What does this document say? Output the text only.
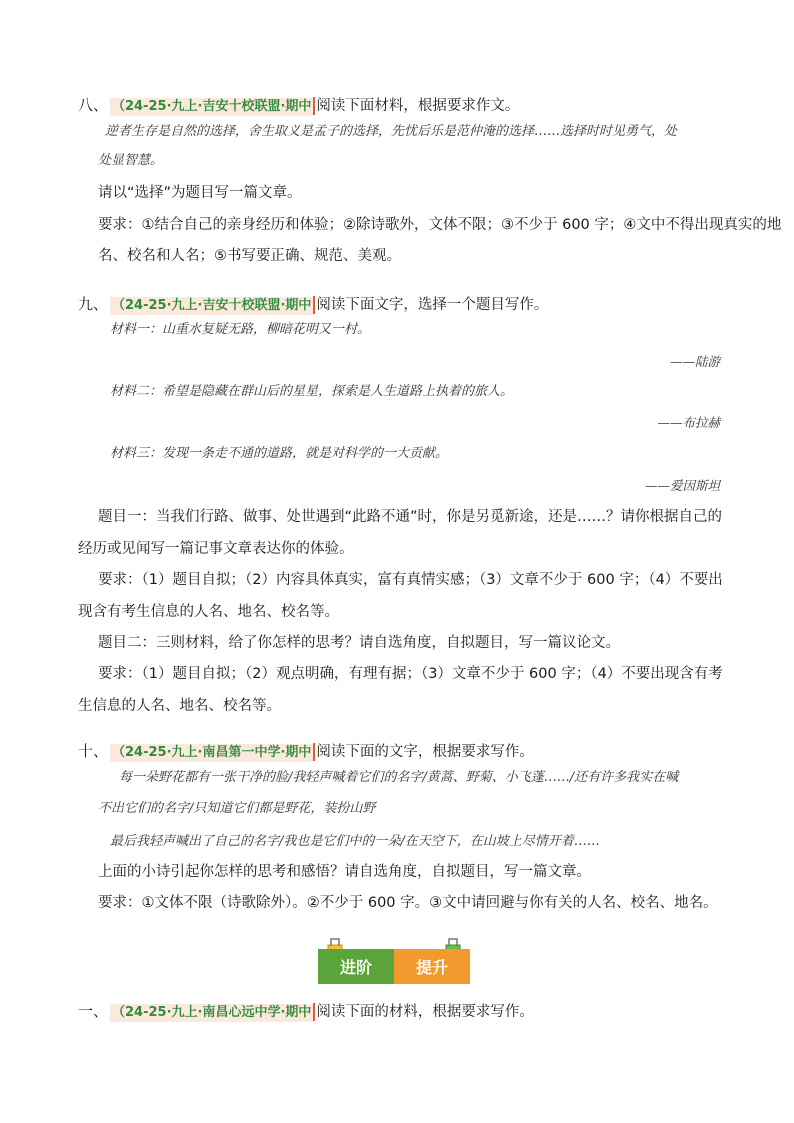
八、 （24-25·九上·吉安十校联盟·期中 阅读下面材料，根据要求作文。
逆者生存是自然的选择，舍生取义是孟子的选择，先忧后乐是范仲淹的选择……选择时时见勇气，处
处显智慧。
请以“选择”为题目写一篇文章。
要求：①结合自己的亲身经历和体验；②除诗歌外，文体不限；③不少于 600 字；④文中不得出现真实的地
名、校名和人名；⑤书写要正确、规范、美观。
九、 （24-25·九上·吉安十校联盟·期中 阅读下面文字，选择一个题目写作。
材料一：山重水复疑无路，柳暗花明又一村。
——陆游
材料二：希望是隐藏在群山后的星星，探索是人生道路上执着的旅人。
——布拉赫
材料三：发现一条走不通的道路，就是对科学的一大贡献。
——爱因斯坦
题目一：当我们行路、做事、处世遇到“此路不通”时，你是另觅新途，还是……？请你根据自己的
经历或见闻写一篇记事文章表达你的体验。
要求：（1）题目自拟；（2）内容具体真实，富有真情实感；（3）文章不少于 600 字；（4）不要出
现含有考生信息的人名、地名、校名等。
题目二：三则材料，给了你怎样的思考？请自选角度，自拟题目，写一篇议论文。
要求：（1）题目自拟；（2）观点明确，有理有据；（3）文章不少于 600 字；（4）不要出现含有考
生信息的人名、地名、校名等。
十、 （24-25·九上·南昌第一中学·期中 阅读下面的文字，根据要求写作。
每一朵野花都有一张干净的脸/我轻声喊着它们的名字/黄蒿、野菊、小飞蓬……/还有许多我实在喊
不出它们的名字/只知道它们都是野花，装扮山野
最后我轻声喊出了自己的名字/我也是它们中的一朵/在天空下，在山坡上尽情开着……
上面的小诗引起你怎样的思考和感悟？请自选角度，自拟题目，写一篇文章。
要求：①文体不限（诗歌除外）。②不少于 600 字。③文中请回避与你有关的人名、校名、地名。
进阶	提升
一、 （24-25·九上·南昌心远中学·期中 阅读下面的材料，根据要求写作。
